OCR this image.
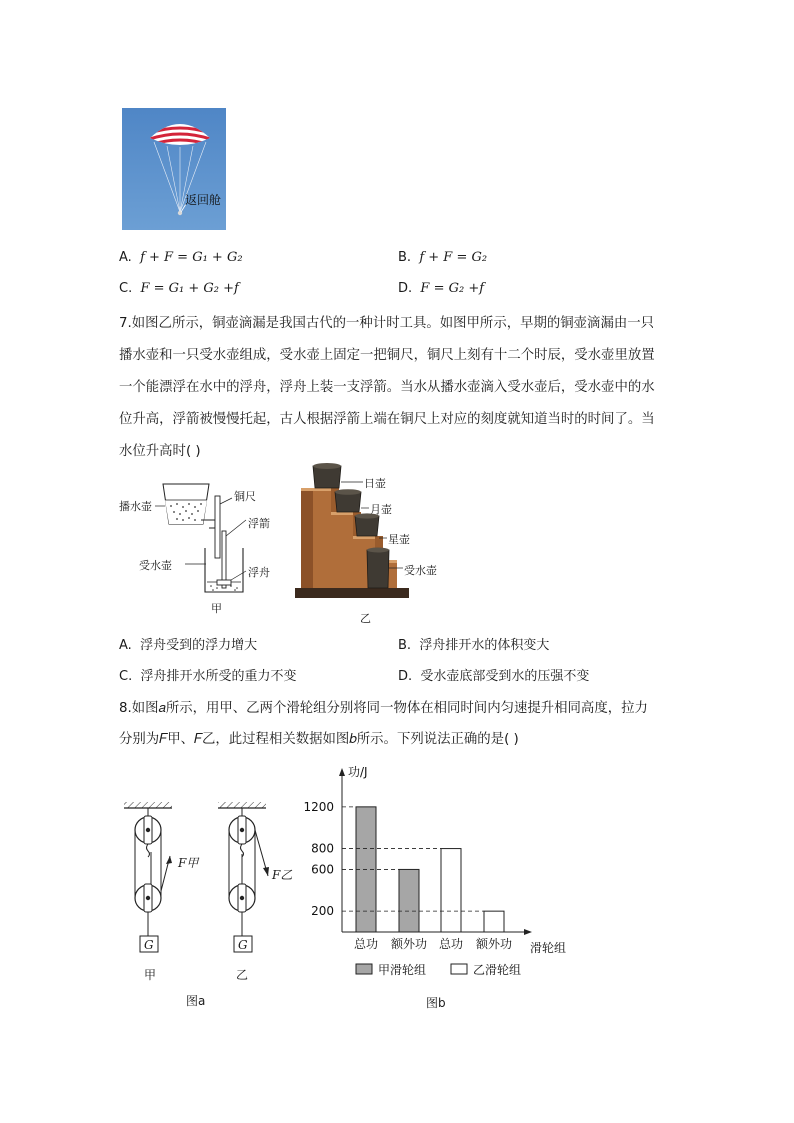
返回舱
A. f + F = G₁ + G₂	B. f + F = G₂
C. F = G₁ + G₂ +f	D. F = G₂ +f
7.如图乙所示，铜壶滴漏是我国古代的一种计时工具。如图甲所示，早期的铜壶滴漏由一只
播水壶和一只受水壶组成，受水壶上固定一把铜尺，铜尺上刻有十二个时辰，受水壶里放置
一个能漂浮在水中的浮舟，浮舟上装一支浮箭。当水从播水壶滴入受水壶后，受水壶中的水
位升高，浮箭被慢慢托起，古人根据浮箭上端在铜尺上对应的刻度就知道当时的时间了。当
水位升高时( )
播水壶
铜尺
浮箭
受水壶
浮舟
甲
日壶
月壶
星壶
受水壶
乙
A. 浮舟受到的浮力增大	B. 浮舟排开水的体积变大
C. 浮舟排开水所受的重力不变	D. 受水壶底部受到水的压强不变
8.如图𝑎所示，用甲、乙两个滑轮组分别将同一物体在相同时间内匀速提升相同高度，拉力
分别为𝐹甲、𝐹乙，此过程相关数据如图𝑏所示。下列说法正确的是( )
F甲
F乙
G	G
甲	乙
图a
功/J
滑轮组
总功 额外功 总功 额外功
200
600
800
1200
甲滑轮组	乙滑轮组
图b
